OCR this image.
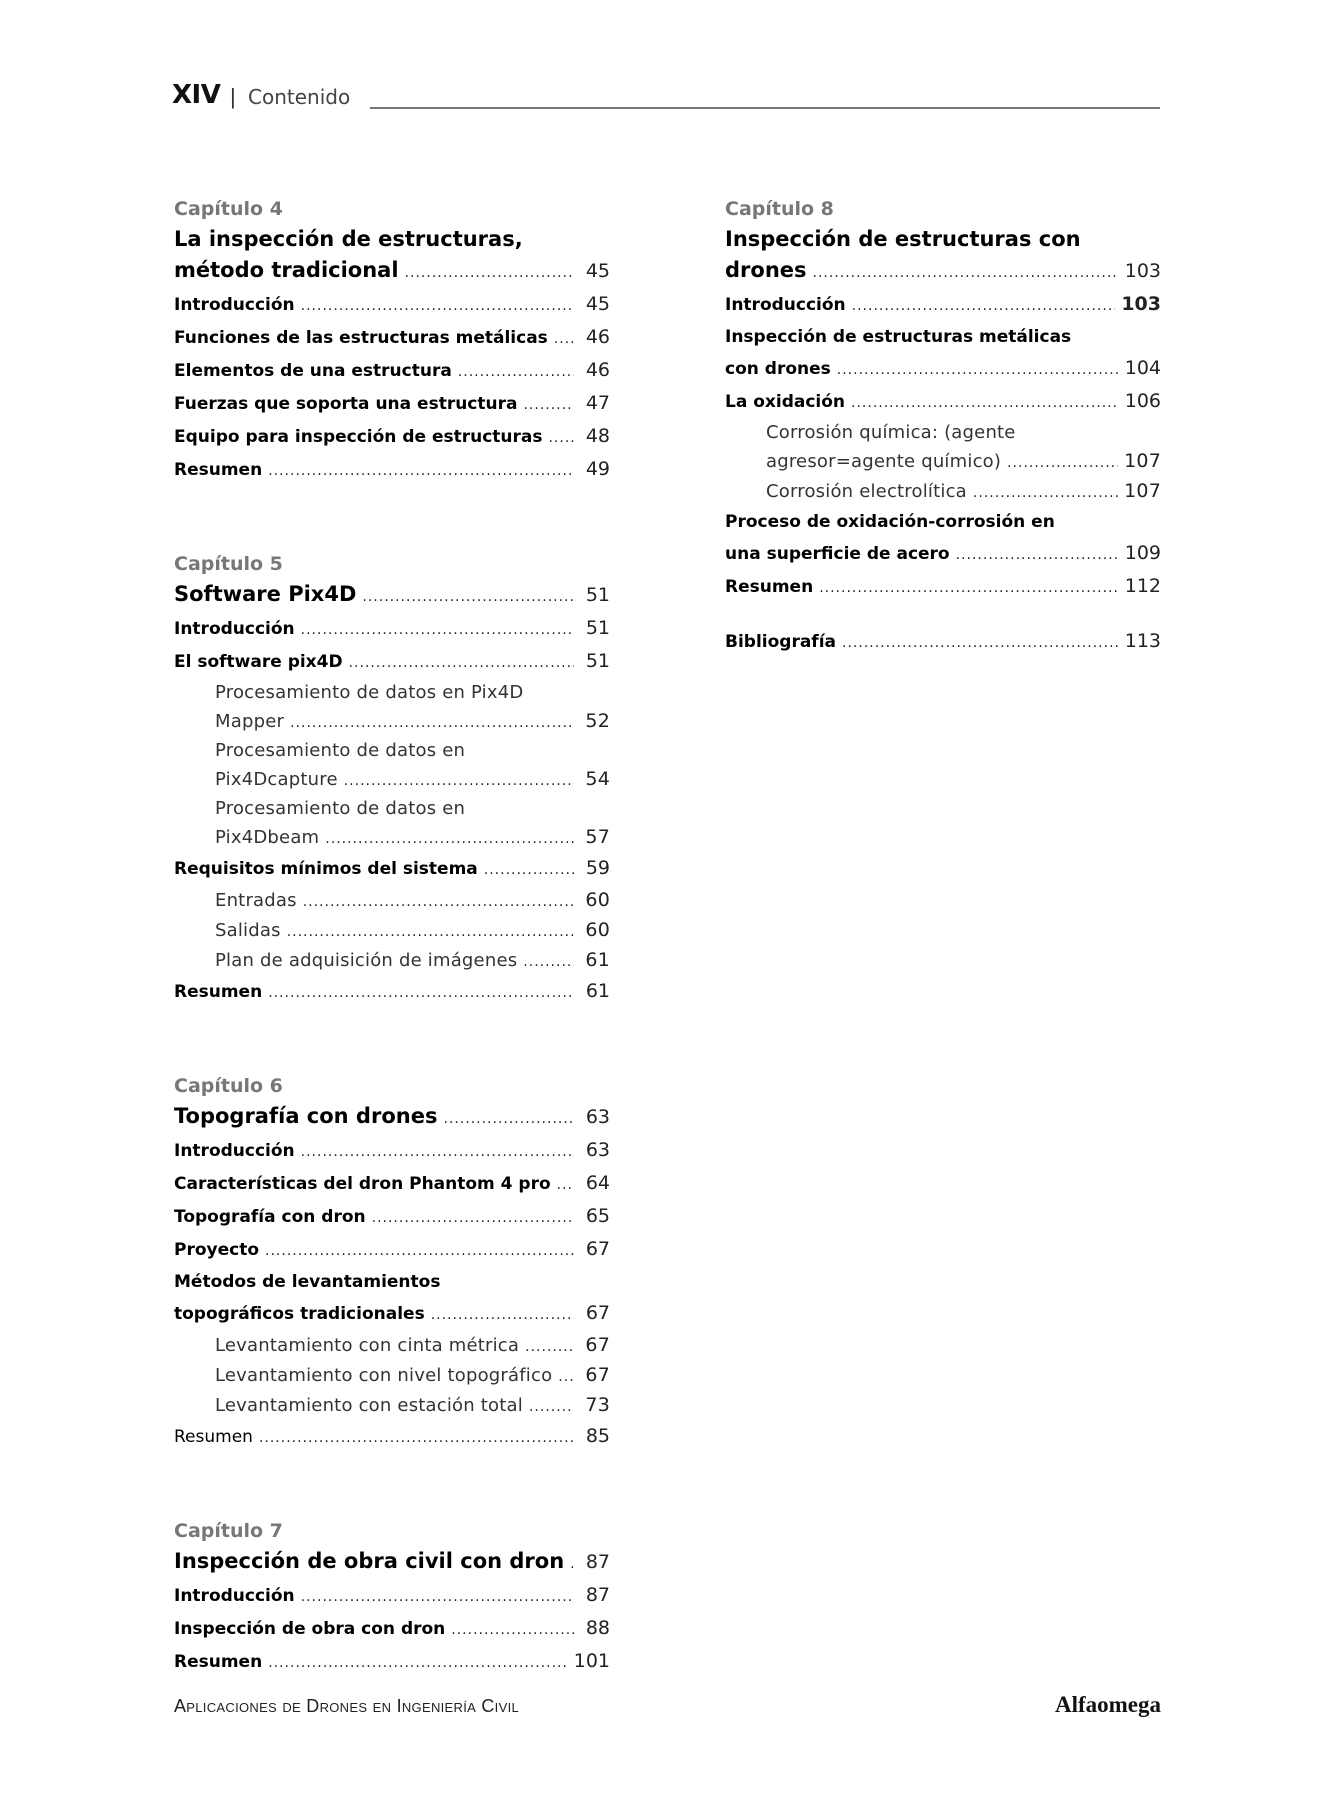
XIV | Contenido
Capítulo 4
La inspección de estructuras,
método tradicional .....	45
Introducción .....	45
Funciones de las estructuras metálicas .....	46
Elementos de una estructura .....	46
Fuerzas que soporta una estructura .....	47
Equipo para inspección de estructuras .....	48
Resumen .....	49
Capítulo 5
Software Pix4D .....	51
Introducción .....	51
El software pix4D .....	51
Procesamiento de datos en Pix4D
Mapper .....	52
Procesamiento de datos en
Pix4Dcapture .....	54
Procesamiento de datos en
Pix4Dbeam .....	57
Requisitos mínimos del sistema .....	59
Entradas .....	60
Salidas .....	60
Plan de adquisición de imágenes .....	61
Resumen .....	61
Capítulo 6
Topografía con drones .....	63
Introducción .....	63
Características del dron Phantom 4 pro .....	64
Topografía con dron .....	65
Proyecto .....	67
Métodos de levantamientos
topográficos tradicionales .....	67
Levantamiento con cinta métrica .....	67
Levantamiento con nivel topográfico ..... 67
Levantamiento con estación total .....	73
Resumen .....	85
Capítulo 7
Inspección de obra civil con dron .....	87
Introducción .....	87
Inspección de obra con dron .....	88
Resumen .....	101
Capítulo 8
Inspección de estructuras con
drones .....	103
Introducción .....	103
Inspección de estructuras metálicas
con drones .....	104
La oxidación .....	106
Corrosión química: (agente
agresor=agente químico) .....	107
Corrosión electrolítica .....	107
Proceso de oxidación-corrosión en
una superficie de acero .....	109
Resumen .....	112
Bibliografía .....	113
Aplicaciones de Drones en Ingeniería Civil	Alfaomega
